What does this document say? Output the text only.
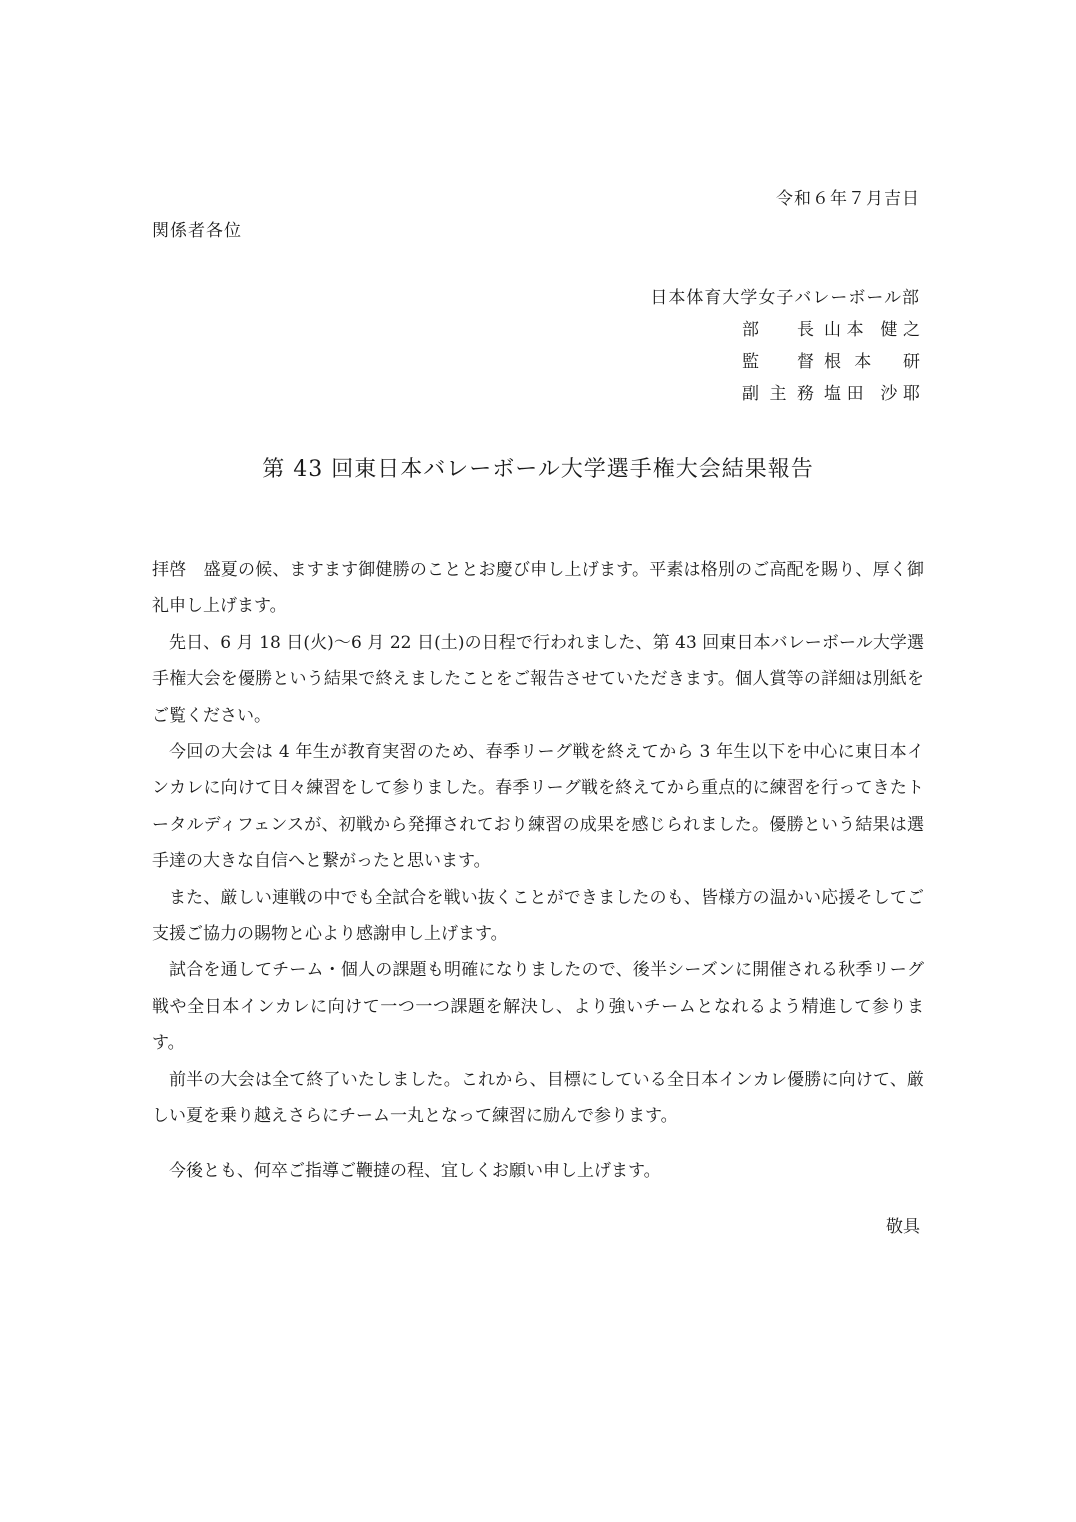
令和６年７月吉日
関係者各位
日本体育大学女子バレーボール部
部 長 山本 健之
監 督 根本 研
副主務 塩田 沙耶
第 43 回東日本バレーボール大学選手権大会結果報告

拝啓　盛夏の候、ますます御健勝のこととお慶び申し上げます。平素は格別のご高配を賜り、厚く御礼申し上げます。

先日、6 月 18 日(火)～6 月 22 日(土)の日程で行われました、第 43 回東日本バレーボール大学選手権大会を優勝という結果で終えましたことをご報告させていただきます。個人賞等の詳細は別紙をご覧ください。

今回の大会は 4 年生が教育実習のため、春季リーグ戦を終えてから 3 年生以下を中心に東日本インカレに向けて日々練習をして参りました。春季リーグ戦を終えてから重点的に練習を行ってきたトータルディフェンスが、初戦から発揮されており練習の成果を感じられました。優勝という結果は選手達の大きな自信へと繋がったと思います。

また、厳しい連戦の中でも全試合を戦い抜くことができましたのも、皆様方の温かい応援そしてご支援ご協力の賜物と心より感謝申し上げます。

試合を通してチーム・個人の課題も明確になりましたので、後半シーズンに開催される秋季リーグ戦や全日本インカレに向けて一つ一つ課題を解決し、より強いチームとなれるよう精進して参ります。

前半の大会は全て終了いたしました。これから、目標にしている全日本インカレ優勝に向けて、厳しい夏を乗り越えさらにチーム一丸となって練習に励んで参ります。

今後とも、何卒ご指導ご鞭撻の程、宜しくお願い申し上げます。

敬具
